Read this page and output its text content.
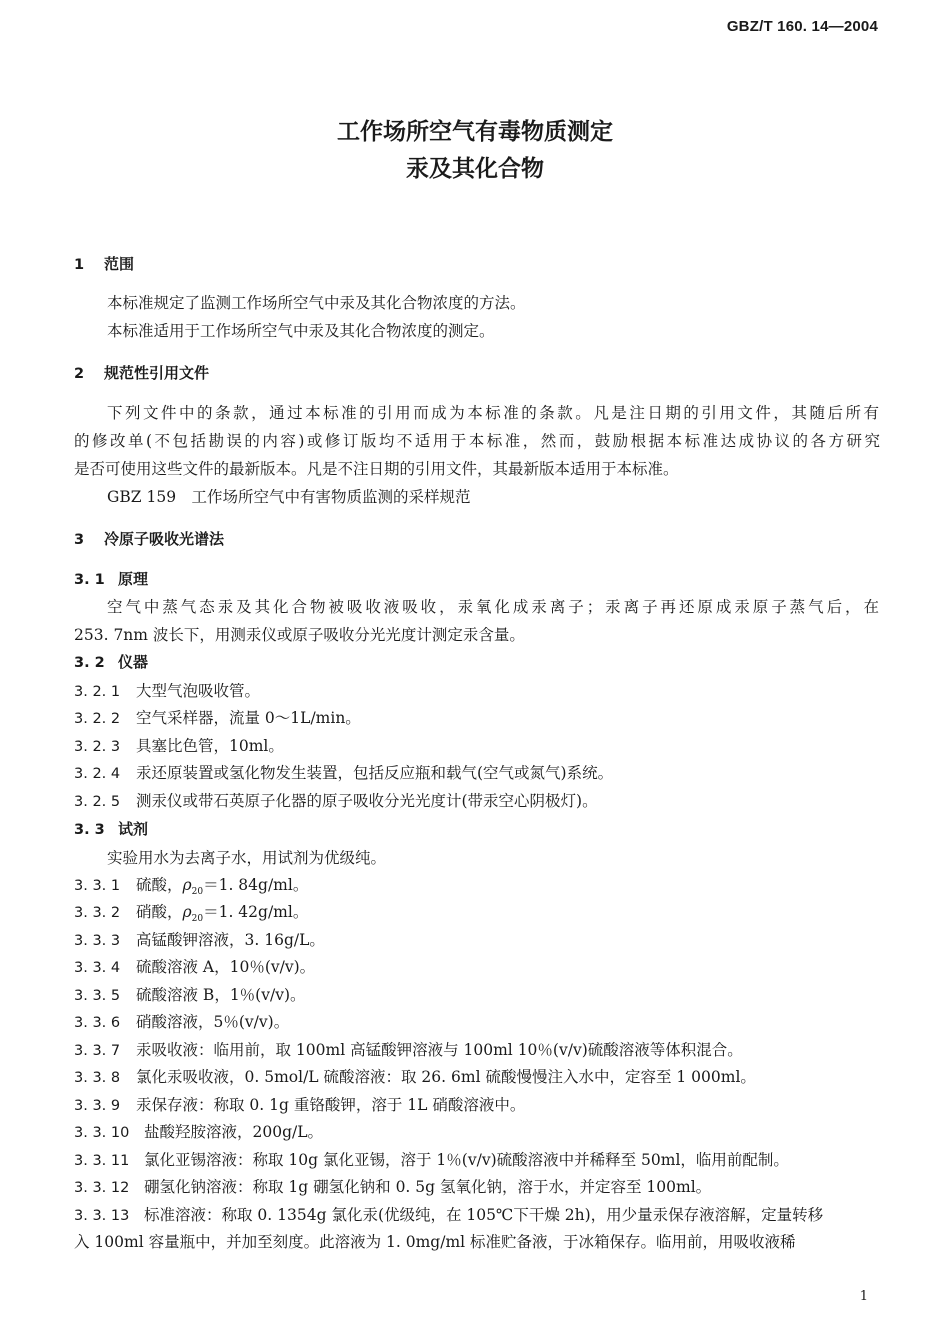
GBZ/T 160. 14—2004
工作场所空气有毒物质测定
汞及其化合物
1 范围
本标准规定了监测工作场所空气中汞及其化合物浓度的方法。
本标准适用于工作场所空气中汞及其化合物浓度的测定。
2 规范性引用文件
下列文件中的条款，通过本标准的引用而成为本标准的条款。凡是注日期的引用文件，其随后所有
的修改单(不包括勘误的内容)或修订版均不适用于本标准，然而，鼓励根据本标准达成协议的各方研究
是否可使用这些文件的最新版本。凡是不注日期的引用文件，其最新版本适用于本标准。
GBZ 159　工作场所空气中有害物质监测的采样规范
3 冷原子吸收光谱法
3. 1 原理
空气中蒸气态汞及其化合物被吸收液吸收，汞氧化成汞离子；汞离子再还原成汞原子蒸气后，在
253. 7nm 波长下，用测汞仪或原子吸收分光光度计测定汞含量。
3. 2 仪器
3. 2. 1 大型气泡吸收管。
3. 2. 2 空气采样器，流量 0～1L/min。
3. 2. 3 具塞比色管，10ml。
3. 2. 4 汞还原装置或氢化物发生装置，包括反应瓶和载气(空气或氮气)系统。
3. 2. 5 测汞仪或带石英原子化器的原子吸收分光光度计(带汞空心阴极灯)。
3. 3 试剂
实验用水为去离子水，用试剂为优级纯。
3. 3. 1 硫酸，$\rho_{20}=1$. 84g/ml。
3. 3. 2 硝酸，$\rho_{20}=1$. 42g/ml。
3. 3. 3 高锰酸钾溶液，3. 16g/L。
3. 3. 4 硫酸溶液 A，10％(v/v)。
3. 3. 5 硫酸溶液 B，1％(v/v)。
3. 3. 6 硝酸溶液，5％(v/v)。
3. 3. 7 汞吸收液：临用前，取 100ml 高锰酸钾溶液与 100ml 10％(v/v)硫酸溶液等体积混合。
3. 3. 8 氯化汞吸收液，0. 5mol/L 硫酸溶液：取 26. 6ml 硫酸慢慢注入水中，定容至 1 000ml。
3. 3. 9 汞保存液：称取 0. 1g 重铬酸钾，溶于 1L 硝酸溶液中。
3. 3. 10 盐酸羟胺溶液，200g/L。
3. 3. 11 氯化亚锡溶液：称取 10g 氯化亚锡，溶于 1％(v/v)硫酸溶液中并稀释至 50ml，临用前配制。
3. 3. 12 硼氢化钠溶液：称取 1g 硼氢化钠和 0. 5g 氢氧化钠，溶于水，并定容至 100ml。
3. 3. 13 标准溶液：称取 0. 1354g 氯化汞(优级纯，在 105℃下干燥 2h)，用少量汞保存液溶解，定量转移
入 100ml 容量瓶中，并加至刻度。此溶液为 1. 0mg/ml 标准贮备液，于冰箱保存。临用前，用吸收液稀
1
